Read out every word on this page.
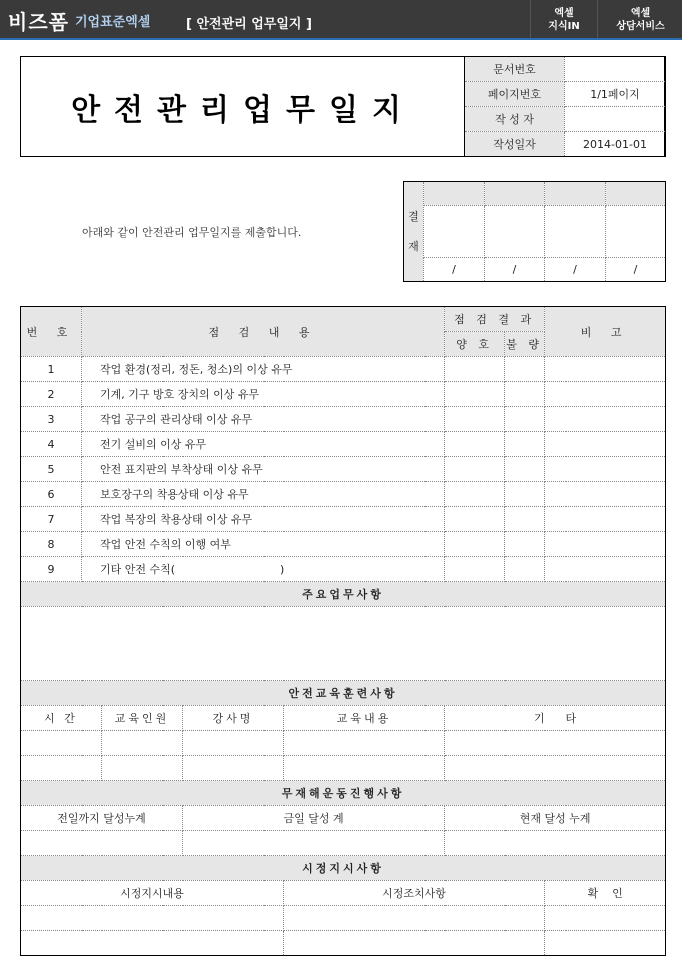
비즈폼 기업표준엑셀	[ 안전관리 업무일지 ]
엑셀
지식IN
엑셀
상담서비스
안전관리업무일지
문서번호	
페이지번호	1/1페이지
작 성 자	
작성일자	2014-01-01
아래와 같이 안전관리 업무일지를 제출합니다.
결
재				

	/	/	/	/
번 호	점 검 내 용				점 검 결 과		비 고
					양 호	불 량	
1	작업 환경(정리, 정돈, 청소)의 이상 유무						
2	기계, 기구 방호 장치의 이상 유무						
3	작업 공구의 관리상태 이상 유무						
4	전기 설비의 이상 유무						
5	안전 표지판의 부착상태 이상 유무						
6	보호장구의 착용상태 이상 유무						
7	작업 복장의 착용상태 이상 유무						
8	작업 안전 수칙의 이행 여부						
9	기타 안전 수칙(                              )						
주요업무사항							

안전교육훈련사항							
시 간		교육인원	강사명	교육내용	기      타		

무재해운동진행사항							
전일까지 달성누계			금일 달성 계		현재 달성 누계		

시정지시사항							
시정지시내용				시정조치사항			확    인
